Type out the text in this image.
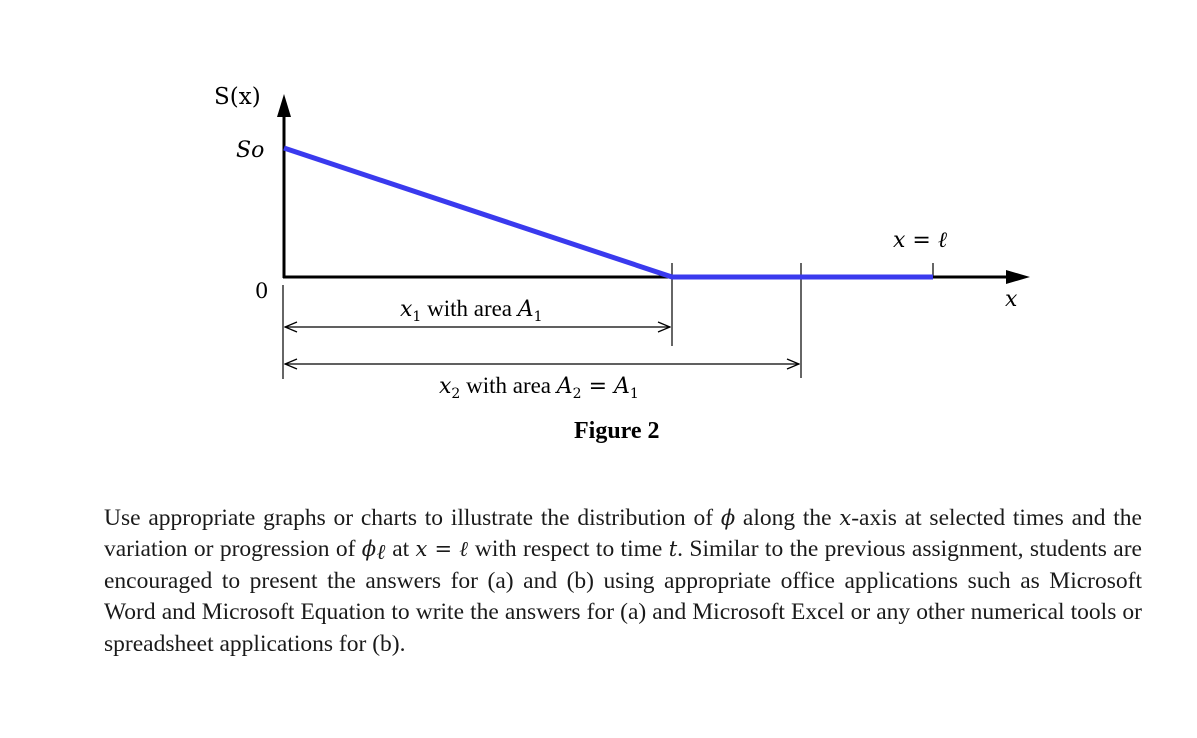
S(x)
So
0
x = ℓ
x
$x_1$ with area $A_1$
$x_2$ with area $A_2 = A_1$
Figure 2

Use appropriate graphs or charts to illustrate the distribution of ϕ along the x-axis at selected times and the variation or progression of $\phi_\ell$ at x = ℓ with respect to time t. Similar to the previous assignment, students are encouraged to present the answers for (a) and (b) using appropriate office applications such as Microsoft Word and Microsoft Equation to write the answers for (a) and Microsoft Excel or any other numerical tools or spreadsheet applications for (b).
